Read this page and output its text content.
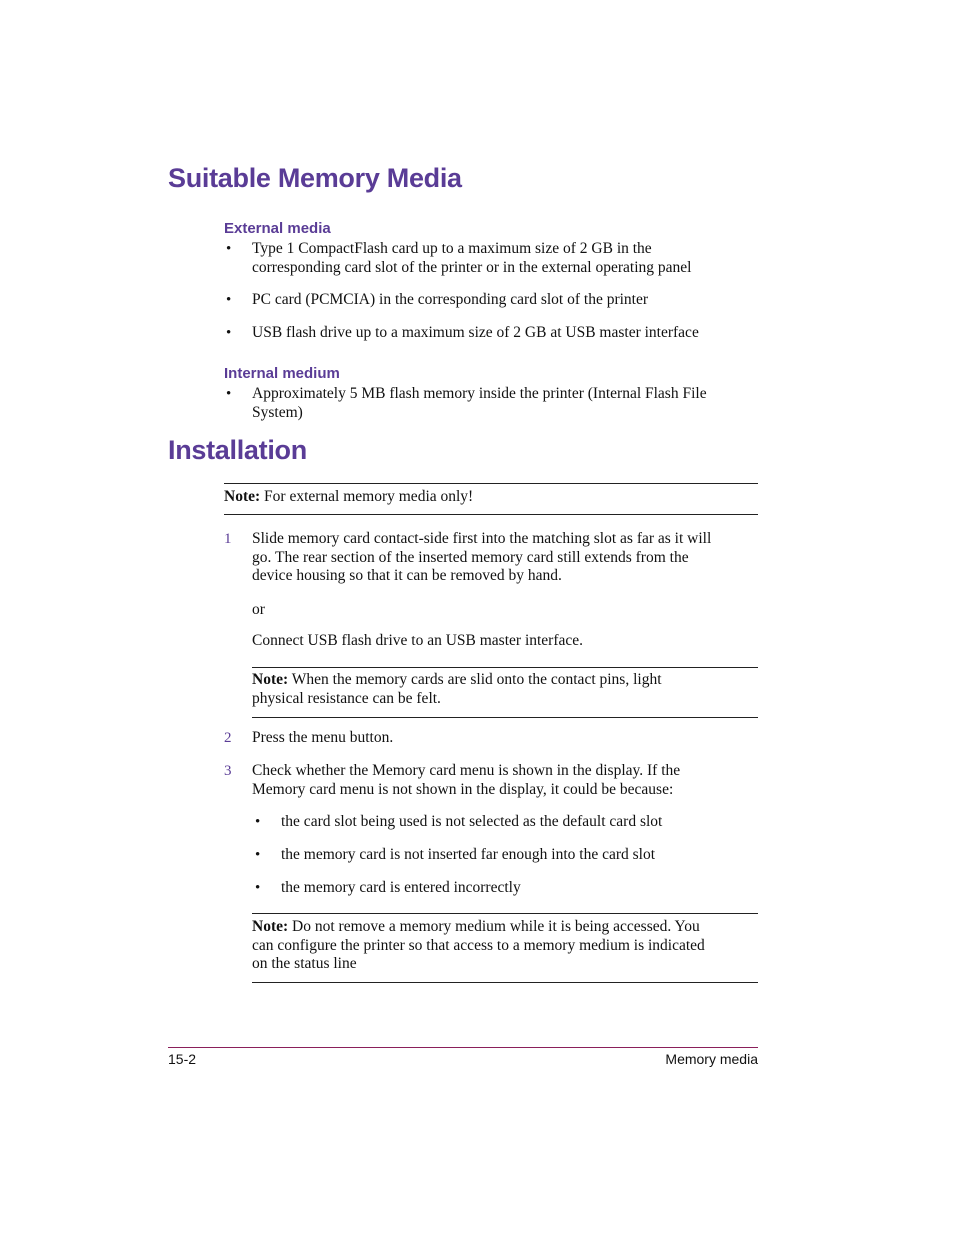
Suitable Memory Media
External media
• Type 1 CompactFlash card up to a maximum size of 2 GB in the
corresponding card slot of the printer or in the external operating panel
• PC card (PCMCIA) in the corresponding card slot of the printer
• USB flash drive up to a maximum size of 2 GB at USB master interface
Internal medium
• Approximately 5 MB flash memory inside the printer (Internal Flash File
System)
Installation
Note: For external memory media only!
1 Slide memory card contact-side first into the matching slot as far as it will
go. The rear section of the inserted memory card still extends from the
device housing so that it can be removed by hand.
or
Connect USB flash drive to an USB master interface.
Note: When the memory cards are slid onto the contact pins, light
physical resistance can be felt.
2 Press the menu button.
3 Check whether the Memory card menu is shown in the display. If the
Memory card menu is not shown in the display, it could be because:
• the card slot being used is not selected as the default card slot
• the memory card is not inserted far enough into the card slot
• the memory card is entered incorrectly
Note: Do not remove a memory medium while it is being accessed. You
can configure the printer so that access to a memory medium is indicated
on the status line
15-2	Memory media
